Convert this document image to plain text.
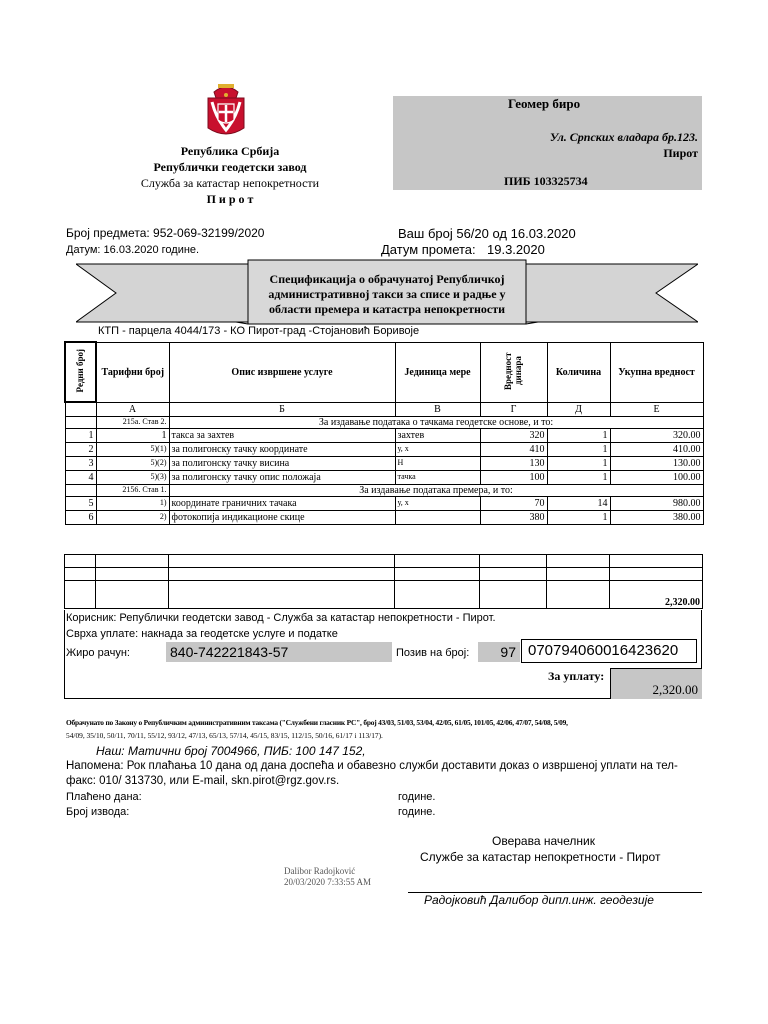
Република Србија
Републички геодетски завод
Служба за катастар непокретности
П и р о т
Геомер биро
Ул. Српских владара бр.123.
Пирот
ПИБ 103325734
Број предмета: 952-069-32199/2020
Датум: 16.03.2020 године.
Ваш број 56/20 од 16.03.2020
Датум промета: 19.3.2020
Спецификација о обрачунатој Републичкој
административној такси за списе и радње у
области премера и катастра непокретности
КТП - парцела 4044/173 - КО Пирот-град -Стојановић Боривоје
Редни број	Тарифни број	Опис извршене услуге	Јединица мере	Вредност динара	Количина	Укупна вредност
	А	Б	В	Г	Д	Е
	215а. Став 2.	За издавање података о тачкама геодетске основе, и то:				
1	1	такса за захтев	захтев	320	1	320.00
2	5)(1)	за полигонску тачку координате	у, х	410	1	410.00
3	5)(2)	за полигонску тачку висина	Н	130	1	130.00
4	5)(3)	за полигонску тачку опис положаја	тачка	100	1	100.00
	2156. Став 1.	За издавање података премера, и то:				
5	1)	координате граничних тачака	у, х	70	14	980.00
6	2)	фотокопија индикационе скице		380	1	380.00

						2,320.00
Корисник: Републички геодетски завод - Служба за катастар непокретности - Пирот.
Сврха уплате: накнада за геодетске услуге и податке
Жиро рачун:	840-742221843-57	Позив на број:	97 070794060016423620
За уплату:
2,320.00
Обрачунато по Закону о Републичким административним таксама ("Службени гласник РС", број 43/03, 51/03, 53/04, 42/05, 61/05, 101/05, 42/06, 47/07, 54/08, 5/09,
54/09, 35/10, 50/11, 70/11, 55/12, 93/12, 47/13, 65/13, 57/14, 45/15, 83/15, 112/15, 50/16, 61/17 і 113/17).
Наш: Матични број 7004966, ПИБ: 100 147 152,
Напомена: Рок плаћања 10 дана од дана доспећа и обавезно служби доставити доказ о извршеној уплати на тел-
факс: 010/ 313730, или E-mail, skn.pirot@rgz.gov.rs.
Плаћено дана:	године.
Број извода:	године.
Оверава начелник
Службе за катастар непокретности - Пирот
Dalibor Radojković
20/03/2020 7:33:55 AM
Радојковић Далибор дипл.инж. геодезије
